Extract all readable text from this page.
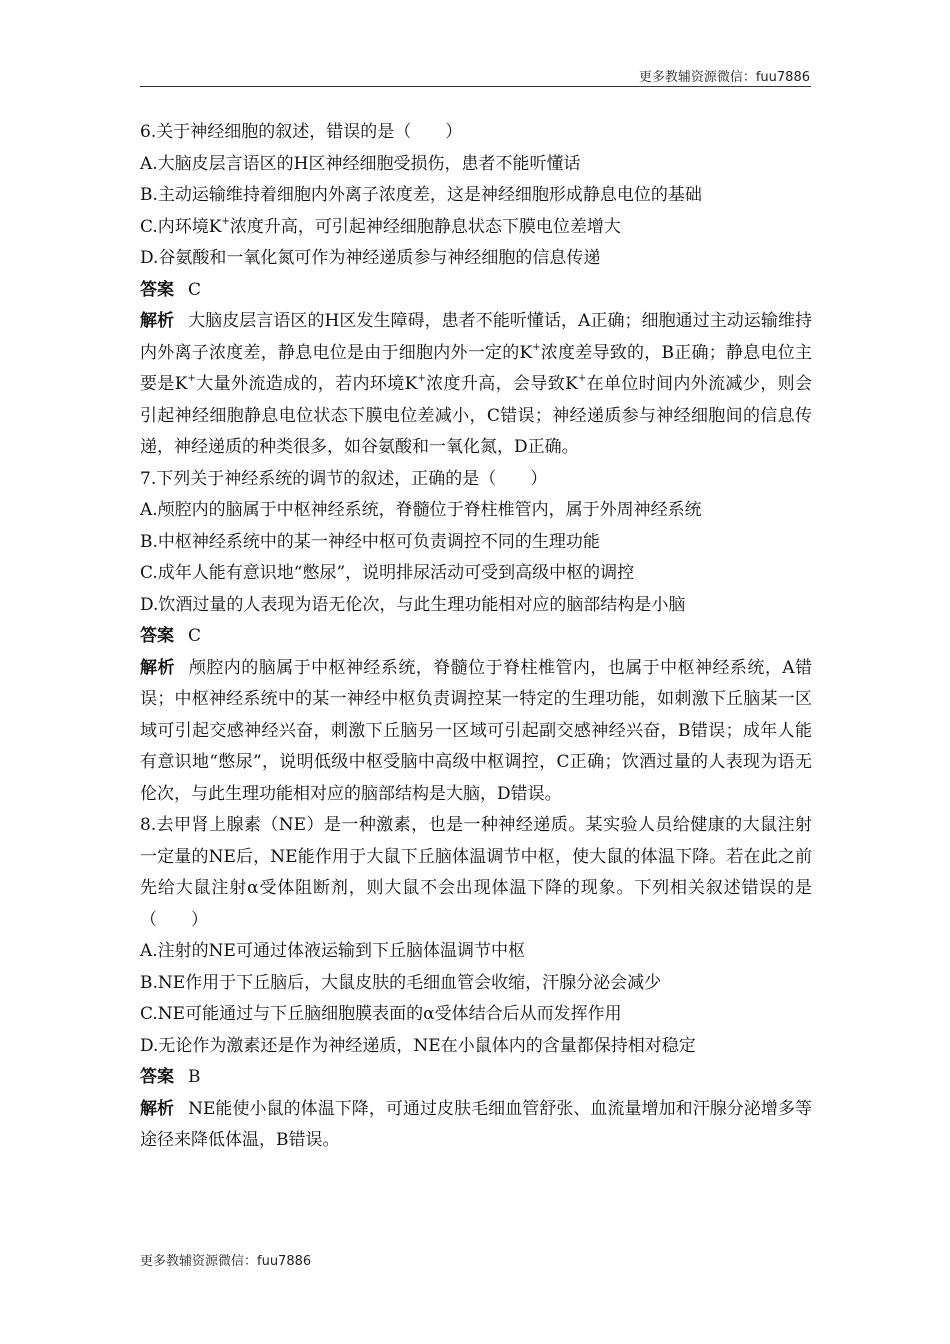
更多教辅资源微信：fuu7886
6.关于神经细胞的叙述，错误的是（　　）
A.大脑皮层言语区的H区神经细胞受损伤，患者不能听懂话
B.主动运输维持着细胞内外离子浓度差，这是神经细胞形成静息电位的基础
C.内环境K+浓度升高，可引起神经细胞静息状态下膜电位差增大
D.谷氨酸和一氧化氮可作为神经递质参与神经细胞的信息传递
答案 C
解析 大脑皮层言语区的H区发生障碍，患者不能听懂话，A正确；细胞通过主动运输维持内外离子浓度差，静息电位是由于细胞内外一定的K+浓度差导致的，B正确；静息电位主要是K+大量外流造成的，若内环境K+浓度升高，会导致K+在单位时间内外流减少，则会引起神经细胞静息电位状态下膜电位差减小，C错误；神经递质参与神经细胞间的信息传递，神经递质的种类很多，如谷氨酸和一氧化氮，D正确。
7.下列关于神经系统的调节的叙述，正确的是（　　）
A.颅腔内的脑属于中枢神经系统，脊髓位于脊柱椎管内，属于外周神经系统
B.中枢神经系统中的某一神经中枢可负责调控不同的生理功能
C.成年人能有意识地“憋尿”，说明排尿活动可受到高级中枢的调控
D.饮酒过量的人表现为语无伦次，与此生理功能相对应的脑部结构是小脑
答案 C
解析 颅腔内的脑属于中枢神经系统，脊髓位于脊柱椎管内，也属于中枢神经系统，A错误；中枢神经系统中的某一神经中枢负责调控某一特定的生理功能，如刺激下丘脑某一区域可引起交感神经兴奋，刺激下丘脑另一区域可引起副交感神经兴奋，B错误；成年人能有意识地“憋尿”，说明低级中枢受脑中高级中枢调控，C正确；饮酒过量的人表现为语无伦次，与此生理功能相对应的脑部结构是大脑，D错误。
8.去甲肾上腺素（NE）是一种激素，也是一种神经递质。某实验人员给健康的大鼠注射一定量的NE后，NE能作用于大鼠下丘脑体温调节中枢，使大鼠的体温下降。若在此之前先给大鼠注射α受体阻断剂，则大鼠不会出现体温下降的现象。下列相关叙述错误的是（　　）
A.注射的NE可通过体液运输到下丘脑体温调节中枢
B.NE作用于下丘脑后，大鼠皮肤的毛细血管会收缩，汗腺分泌会减少
C.NE可能通过与下丘脑细胞膜表面的α受体结合后从而发挥作用
D.无论作为激素还是作为神经递质，NE在小鼠体内的含量都保持相对稳定
答案 B
解析 NE能使小鼠的体温下降，可通过皮肤毛细血管舒张、血流量增加和汗腺分泌增多等途径来降低体温，B错误。
更多教辅资源微信：fuu7886
